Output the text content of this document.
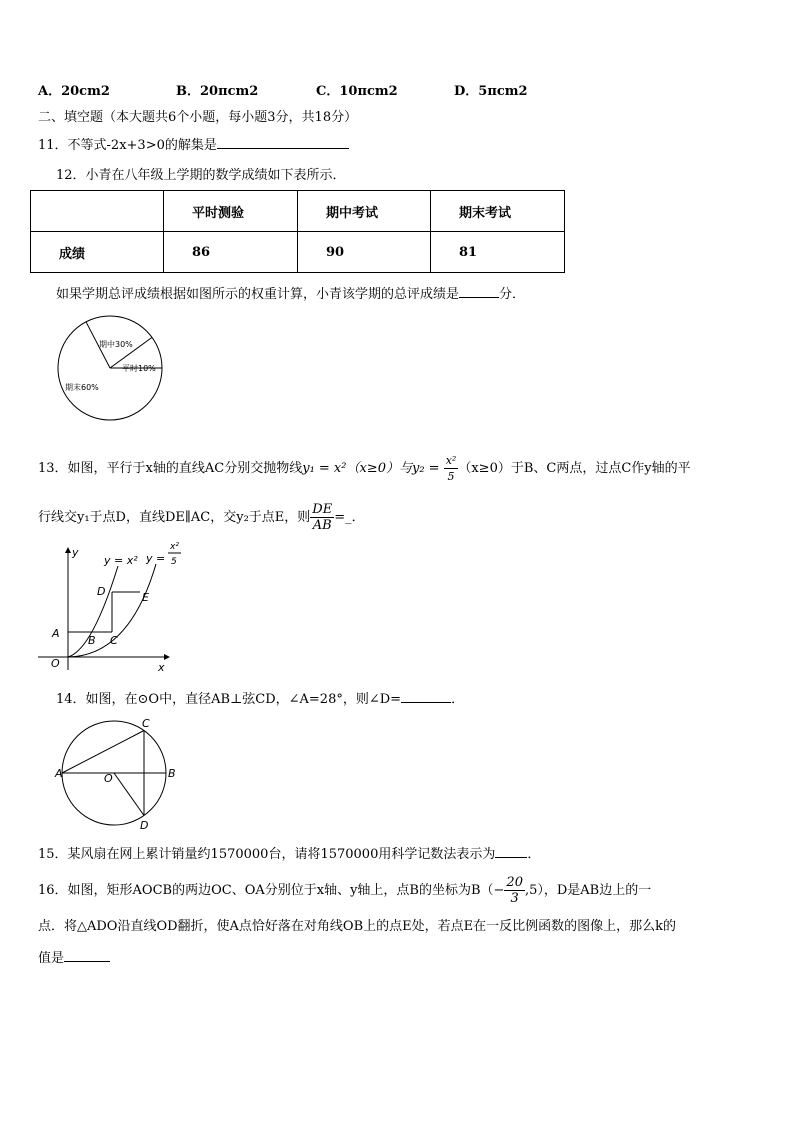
A．20cm2	B．20πcm2	C．10πcm2	D．5πcm2
二、填空题（本大题共6个小题，每小题3分，共18分）
11．不等式-2x+3>0的解集是
12．小青在八年级上学期的数学成绩如下表所示．
	平时测验	期中考试	期末考试
成绩	86	90	81
如果学期总评成绩根据如图所示的权重计算，小青该学期的总评成绩是	分．
期中30%
平时10%
期末60%
13．如图，平行于x轴的直线AC分别交抛物线y₁ = x²（x≥0）与$y_2 = \frac{\text{x²}}{5} (x\ge 0)$于B、C两点，过点C作y轴的平
行线交y₁于点D，直线DE∥AC，交y₂于点E，则 $\frac{DE}{AB}$ =_．
y
x
O
y = x² y =
x²
5
A
B C
D	E
14．如图，在⊙O中，直径AB⊥弦CD，∠A=28°，则∠D=	．
A	B
C
D
O
15．某风扇在网上累计销量约1570000台，请将1570000用科学记数法表示为 ．
16．如图，矩形AOCB的两边OC、OA分别位于x轴、y轴上，点B的坐标为$B(- \frac{20}{3} ,5)$，D是AB边上的一
点．将△ADO沿直线OD翻折，使A点恰好落在对角线OB上的点E处，若点E在一反比例函数的图像上，那么k的
值是
